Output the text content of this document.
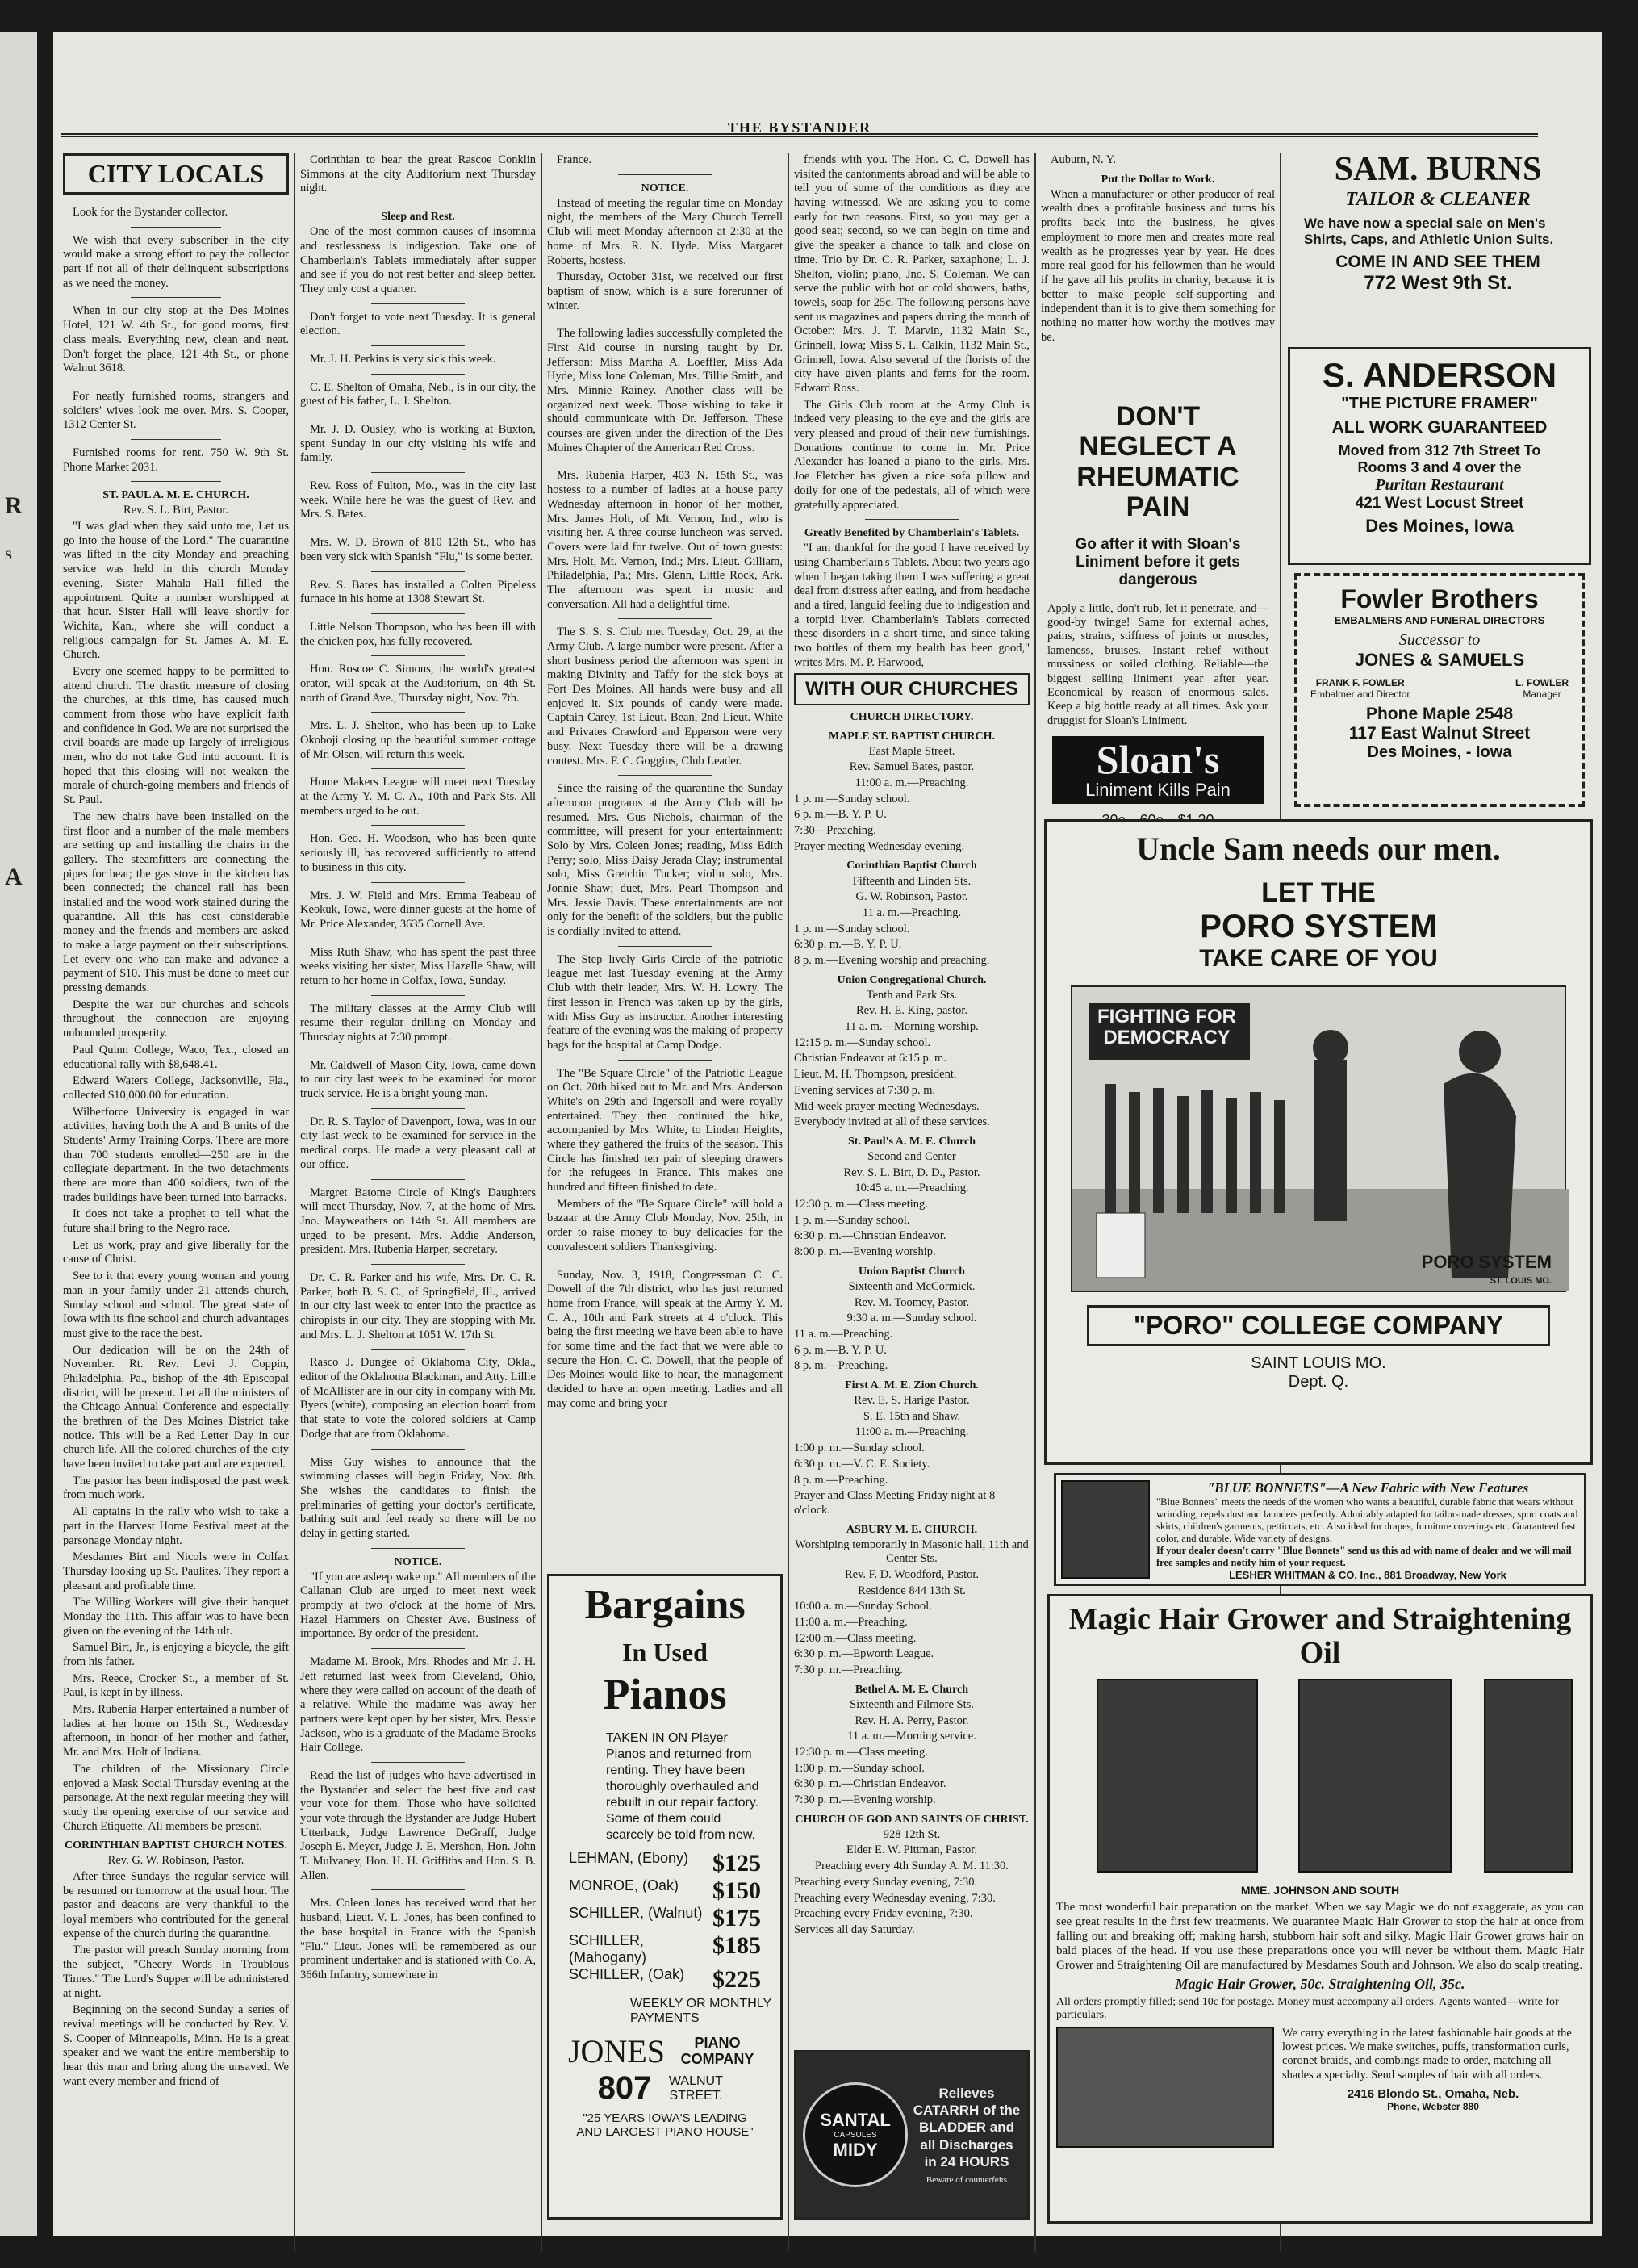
R
S
A
THE BYSTANDER
CITY LOCALS

Look for the Bystander collector.

We wish that every subscriber in the city would make a strong effort to pay the collector part if not all of their delinquent subscriptions as we need the money.

When in our city stop at the Des Moines Hotel, 121 W. 4th St., for good rooms, first class meals. Everything new, clean and neat. Don't forget the place, 121 4th St., or phone Walnut 3618.

For neatly furnished rooms, strangers and soldiers' wives look me over. Mrs. S. Cooper, 1312 Center St.

Furnished rooms for rent. 750 W. 9th St. Phone Market 2031.

ST. PAUL A. M. E. CHURCH.
Rev. S. L. Birt, Pastor.

"I was glad when they said unto me, Let us go into the house of the Lord." The quarantine was lifted in the city Monday and preaching service was held in this church Monday evening. Sister Mahala Hall filled the appointment. Quite a number worshipped at that hour. Sister Hall will leave shortly for Wichita, Kan., where she will conduct a religious campaign for St. James A. M. E. Church.

Every one seemed happy to be permitted to attend church. The drastic measure of closing the churches, at this time, has caused much comment from those who have explicit faith and confidence in God. We are not surprised the civil boards are made up largely of irreligious men, who do not take God into account. It is hoped that this closing will not weaken the morale of church-going members and friends of St. Paul.

The new chairs have been installed on the first floor and a number of the male members are setting up and installing the chairs in the gallery. The steamfitters are connecting the pipes for heat; the gas stove in the kitchen has been connected; the chancel rail has been installed and the wood work stained during the quarantine. All this has cost considerable money and the friends and members are asked to make a large payment on their subscriptions. Let every one who can make and advance a payment of $10. This must be done to meet our pressing demands.

Despite the war our churches and schools throughout the connection are enjoying unbounded prosperity.

Paul Quinn College, Waco, Tex., closed an educational rally with $8,648.41.

Edward Waters College, Jacksonville, Fla., collected $10,000.00 for education.

Wilberforce University is engaged in war activities, having both the A and B units of the Students' Army Training Corps. There are more than 700 students enrolled—250 are in the collegiate department. In the two detachments there are more than 400 soldiers, two of the trades buildings have been turned into barracks.

It does not take a prophet to tell what the future shall bring to the Negro race.

Let us work, pray and give liberally for the cause of Christ.

See to it that every young woman and young man in your family under 21 attends church, Sunday school and school. The great state of Iowa with its fine school and church advantages must give to the race the best.

Our dedication will be on the 24th of November. Rt. Rev. Levi J. Coppin, Philadelphia, Pa., bishop of the 4th Episcopal district, will be present. Let all the ministers of the Chicago Annual Conference and especially the brethren of the Des Moines District take notice. This will be a Red Letter Day in our church life. All the colored churches of the city have been invited to take part and are expected.

The pastor has been indisposed the past week from much work.

All captains in the rally who wish to take a part in the Harvest Home Festival meet at the parsonage Monday night.

Mesdames Birt and Nicols were in Colfax Thursday looking up St. Paulites. They report a pleasant and profitable time.

The Willing Workers will give their banquet Monday the 11th. This affair was to have been given on the evening of the 14th ult.

Samuel Birt, Jr., is enjoying a bicycle, the gift from his father.

Mrs. Reece, Crocker St., a member of St. Paul, is kept in by illness.

Mrs. Rubenia Harper entertained a number of ladies at her home on 15th St., Wednesday afternoon, in honor of her mother and father, Mr. and Mrs. Holt of Indiana.

The children of the Missionary Circle enjoyed a Mask Social Thursday evening at the parsonage. At the next regular meeting they will study the opening exercise of our service and Church Etiquette. All members be present.

CORINTHIAN BAPTIST CHURCH NOTES.
Rev. G. W. Robinson, Pastor.

After three Sundays the regular service will be resumed on tomorrow at the usual hour. The pastor and deacons are very thankful to the loyal members who contributed for the general expense of the church during the quarantine.

The pastor will preach Sunday morning from the subject, "Cheery Words in Troublous Times." The Lord's Supper will be administered at night.

Beginning on the second Sunday a series of revival meetings will be conducted by Rev. V. S. Cooper of Minneapolis, Minn. He is a great speaker and we want the entire membership to hear this man and bring along the unsaved. We want every member and friend of

Corinthian to hear the great Rascoe Conklin Simmons at the city Auditorium next Thursday night.

Sleep and Rest.

One of the most common causes of insomnia and restlessness is indigestion. Take one of Chamberlain's Tablets immediately after supper and see if you do not rest better and sleep better. They only cost a quarter.

Don't forget to vote next Tuesday. It is general election.

Mr. J. H. Perkins is very sick this week.

C. E. Shelton of Omaha, Neb., is in our city, the guest of his father, L. J. Shelton.

Mr. J. D. Ousley, who is working at Buxton, spent Sunday in our city visiting his wife and family.

Rev. Ross of Fulton, Mo., was in the city last week. While here he was the guest of Rev. and Mrs. S. Bates.

Mrs. W. D. Brown of 810 12th St., who has been very sick with Spanish "Flu," is some better.

Rev. S. Bates has installed a Colten Pipeless furnace in his home at 1308 Stewart St.

Little Nelson Thompson, who has been ill with the chicken pox, has fully recovered.

Hon. Roscoe C. Simons, the world's greatest orator, will speak at the Auditorium, on 4th St. north of Grand Ave., Thursday night, Nov. 7th.

Mrs. L. J. Shelton, who has been up to Lake Okoboji closing up the beautiful summer cottage of Mr. Olsen, will return this week.

Home Makers League will meet next Tuesday at the Army Y. M. C. A., 10th and Park Sts. All members urged to be out.

Hon. Geo. H. Woodson, who has been quite seriously ill, has recovered sufficiently to attend to business in this city.

Mrs. J. W. Field and Mrs. Emma Teabeau of Keokuk, Iowa, were dinner guests at the home of Mr. Price Alexander, 3635 Cornell Ave.

Miss Ruth Shaw, who has spent the past three weeks visiting her sister, Miss Hazelle Shaw, will return to her home in Colfax, Iowa, Sunday.

The military classes at the Army Club will resume their regular drilling on Monday and Thursday nights at 7:30 prompt.

Mr. Caldwell of Mason City, Iowa, came down to our city last week to be examined for motor truck service. He is a bright young man.

Dr. R. S. Taylor of Davenport, Iowa, was in our city last week to be examined for service in the medical corps. He made a very pleasant call at our office.

Margret Batome Circle of King's Daughters will meet Thursday, Nov. 7, at the home of Mrs. Jno. Mayweathers on 14th St. All members are urged to be present. Mrs. Addie Anderson, president. Mrs. Rubenia Harper, secretary.

Dr. C. R. Parker and his wife, Mrs. Dr. C. R. Parker, both B. S. C., of Springfield, Ill., arrived in our city last week to enter into the practice as chiropists in our city. They are stopping with Mr. and Mrs. L. J. Shelton at 1051 W. 17th St.

Rasco J. Dungee of Oklahoma City, Okla., editor of the Oklahoma Blackman, and Atty. Lillie of McAllister are in our city in company with Mr. Byers (white), composing an election board from that state to vote the colored soldiers at Camp Dodge that are from Oklahoma.

Miss Guy wishes to announce that the swimming classes will begin Friday, Nov. 8th. She wishes the candidates to finish the preliminaries of getting your doctor's certificate, bathing suit and feel ready so there will be no delay in getting started.

NOTICE.

"If you are asleep wake up." All members of the Callanan Club are urged to meet next week promptly at two o'clock at the home of Mrs. Hazel Hammers on Chester Ave. Business of importance. By order of the president.

Madame M. Brook, Mrs. Rhodes and Mr. J. H. Jett returned last week from Cleveland, Ohio, where they were called on account of the death of a relative. While the madame was away her partners were kept open by her sister, Mrs. Bessie Jackson, who is a graduate of the Madame Brooks Hair College.

Read the list of judges who have advertised in the Bystander and select the best five and cast your vote for them. Those who have solicited your vote through the Bystander are Judge Hubert Utterback, Judge Lawrence DeGraff, Judge Joseph E. Meyer, Judge J. E. Mershon, Hon. John T. Mulvaney, Hon. H. H. Griffiths and Hon. S. B. Allen.

Mrs. Coleen Jones has received word that her husband, Lieut. V. L. Jones, has been confined to the base hospital in France with the Spanish "Flu." Lieut. Jones will be remembered as our prominent undertaker and is stationed with Co. A, 366th Infantry, somewhere in

France.

NOTICE.

Instead of meeting the regular time on Monday night, the members of the Mary Church Terrell Club will meet Monday afternoon at 2:30 at the home of Mrs. R. N. Hyde. Miss Margaret Roberts, hostess.

Thursday, October 31st, we received our first baptism of snow, which is a sure forerunner of winter.

The following ladies successfully completed the First Aid course in nursing taught by Dr. Jefferson: Miss Martha A. Loeffler, Miss Ada Hyde, Miss Ione Coleman, Mrs. Tillie Smith, and Mrs. Minnie Rainey. Another class will be organized next week. Those wishing to take it should communicate with Dr. Jefferson. These courses are given under the direction of the Des Moines Chapter of the American Red Cross.

Mrs. Rubenia Harper, 403 N. 15th St., was hostess to a number of ladies at a house party Wednesday afternoon in honor of her mother, Mrs. James Holt, of Mt. Vernon, Ind., who is visiting her. A three course luncheon was served. Covers were laid for twelve. Out of town guests: Mrs. Holt, Mt. Vernon, Ind.; Mrs. Lieut. Gilliam, Philadelphia, Pa.; Mrs. Glenn, Little Rock, Ark. The afternoon was spent in music and conversation. All had a delightful time.

The S. S. S. Club met Tuesday, Oct. 29, at the Army Club. A large number were present. After a short business period the afternoon was spent in making Divinity and Taffy for the sick boys at Fort Des Moines. All hands were busy and all enjoyed it. Six pounds of candy were made. Captain Carey, 1st Lieut. Bean, 2nd Lieut. White and Privates Crawford and Epperson were very busy. Next Tuesday there will be a drawing contest. Mrs. F. C. Goggins, Club Leader.

Since the raising of the quarantine the Sunday afternoon programs at the Army Club will be resumed. Mrs. Gus Nichols, chairman of the committee, will present for your entertainment: Solo by Mrs. Coleen Jones; reading, Miss Edith Perry; solo, Miss Daisy Jerada Clay; instrumental solo, Miss Gretchin Tucker; violin solo, Mrs. Jonnie Shaw; duet, Mrs. Pearl Thompson and Mrs. Jessie Davis. These entertainments are not only for the benefit of the soldiers, but the public is cordially invited to attend.

The Step lively Girls Circle of the patriotic league met last Tuesday evening at the Army Club with their leader, Mrs. W. H. Lowry. The first lesson in French was taken up by the girls, with Miss Guy as instructor. Another interesting feature of the evening was the making of property bags for the hospital at Camp Dodge.

The "Be Square Circle" of the Patriotic League on Oct. 20th hiked out to Mr. and Mrs. Anderson White's on 29th and Ingersoll and were royally entertained. They then continued the hike, accompanied by Mrs. White, to Linden Heights, where they gathered the fruits of the season. This Circle has finished ten pair of sleeping drawers for the refugees in France. This makes one hundred and fifteen finished to date.

Members of the "Be Square Circle" will hold a bazaar at the Army Club Monday, Nov. 25th, in order to raise money to buy delicacies for the convalescent soldiers Thanksgiving.

Sunday, Nov. 3, 1918, Congressman C. C. Dowell of the 7th district, who has just returned home from France, will speak at the Army Y. M. C. A., 10th and Park streets at 4 o'clock. This being the first meeting we have been able to have for some time and the fact that we were able to secure the Hon. C. C. Dowell, that the people of Des Moines would like to hear, the management decided to have an open meeting. Ladies and all may come and bring your

Bargains
In Used
Pianos
TAKEN IN ON Player Pianos and returned from renting. They have been thoroughly overhauled and rebuilt in our repair factory. Some of them could scarcely be told from new.
LEHMAN, (Ebony) $125
MONROE, (Oak) $150
SCHILLER, (Walnut) $175
SCHILLER, (Mahogany)	$185
SCHILLER, (Oak) $225
WEEKLY OR MONTHLY PAYMENTS
JONES	PIANO COMPANY
807	WALNUT STREET.
"25 YEARS IOWA'S LEADING AND LARGEST PIANO HOUSE"

friends with you. The Hon. C. C. Dowell has visited the cantonments abroad and will be able to tell you of some of the conditions as they are having witnessed. We are asking you to come early for two reasons. First, so you may get a good seat; second, so we can begin on time and give the speaker a chance to talk and close on time. Trio by Dr. C. R. Parker, saxaphone; L. J. Shelton, violin; piano, Jno. S. Coleman. We can serve the public with hot or cold showers, baths, towels, soap for 25c. The following persons have sent us magazines and papers during the month of October: Mrs. J. T. Marvin, 1132 Main St., Grinnell, Iowa; Miss S. L. Calkin, 1132 Main St., Grinnell, Iowa. Also several of the florists of the city have given plants and ferns for the room. Edward Ross.

The Girls Club room at the Army Club is indeed very pleasing to the eye and the girls are very pleased and proud of their new furnishings. Donations continue to come in. Mr. Price Alexander has loaned a piano to the girls. Mrs. Joe Fletcher has given a nice sofa pillow and doily for one of the pedestals, all of which were gratefully appreciated.

Greatly Benefited by Chamberlain's Tablets.

"I am thankful for the good I have received by using Chamberlain's Tablets. About two years ago when I began taking them I was suffering a great deal from distress after eating, and from headache and a tired, languid feeling due to indigestion and a torpid liver. Chamberlain's Tablets corrected these disorders in a short time, and since taking two bottles of them my health has been good," writes Mrs. M. P. Harwood,

WITH OUR CHURCHES
CHURCH DIRECTORY.
MAPLE ST. BAPTIST CHURCH.
East Maple Street.
Rev. Samuel Bates, pastor.
11:00 a. m.—Preaching.
1 p. m.—Sunday school.
6 p. m.—B. Y. P. U.
7:30—Preaching.
Prayer meeting Wednesday evening.
Corinthian Baptist Church
Fifteenth and Linden Sts.
G. W. Robinson, Pastor.
11 a. m.—Preaching.
1 p. m.—Sunday school.
6:30 p. m.—B. Y. P. U.
8 p. m.—Evening worship and preaching.
Union Congregational Church.
Tenth and Park Sts.
Rev. H. E. King, pastor.
11 a. m.—Morning worship.
12:15 p. m.—Sunday school.
Christian Endeavor at 6:15 p. m.
Lieut. M. H. Thompson, president.
Evening services at 7:30 p. m.
Mid-week prayer meeting Wednesdays.
Everybody invited at all of these services.
St. Paul's A. M. E. Church
Second and Center
Rev. S. L. Birt, D. D., Pastor.
10:45 a. m.—Preaching.
12:30 p. m.—Class meeting.
1 p. m.—Sunday school.
6:30 p. m.—Christian Endeavor.
8:00 p. m.—Evening worship.
Union Baptist Church
Sixteenth and McCormick.
Rev. M. Toomey, Pastor.
9:30 a. m.—Sunday school.
11 a. m.—Preaching.
6 p. m.—B. Y. P. U.
8 p. m.—Preaching.
First A. M. E. Zion Church.
Rev. E. S. Harige Pastor.
S. E. 15th and Shaw.
11:00 a. m.—Preaching.
1:00 p. m.—Sunday school.
6:30 p. m.—V. C. E. Society.
8 p. m.—Preaching.
Prayer and Class Meeting Friday night at 8 o'clock.
ASBURY M. E. CHURCH.
Worshiping temporarily in Masonic hall, 11th and Center Sts.
Rev. F. D. Woodford, Pastor.
Residence 844 13th St.
10:00 a. m.—Sunday School.
11:00 a. m.—Preaching.
12:00 m.—Class meeting.
6:30 p. m.—Epworth League.
7:30 p. m.—Preaching.
Bethel A. M. E. Church
Sixteenth and Filmore Sts.
Rev. H. A. Perry, Pastor.
11 a. m.—Morning service.
12:30 p. m.—Class meeting.
1:00 p. m.—Sunday school.
6:30 p. m.—Christian Endeavor.
7:30 p. m.—Evening worship.
CHURCH OF GOD AND SAINTS OF CHRIST.
928 12th St.
Elder E. W. Pittman, Pastor.
Preaching every 4th Sunday A. M. 11:30.
Preaching every Sunday evening, 7:30.
Preaching every Wednesday evening, 7:30.
Preaching every Friday evening, 7:30.
Services all day Saturday.
SANTAL
CAPSULES
MIDY
Relieves CATARRH of the BLADDER and all Discharges in 24 HOURS
Beware of counterfeits

Auburn, N. Y.

Put the Dollar to Work.

When a manufacturer or other producer of real wealth does a profitable business and turns his profits back into the business, he gives employment to more men and creates more real wealth as he progresses year by year. He does more real good for his fellowmen than he would if he gave all his profits in charity, because it is better to make people self-supporting and independent than it is to give them something for nothing no matter how worthy the motives may be.

DON'T NEGLECT A
RHEUMATIC PAIN
Go after it with Sloan's Liniment before it gets dangerous
Apply a little, don't rub, let it penetrate, and—good-by twinge! Same for external aches, pains, strains, stiffness of joints or muscles, lameness, bruises. Instant relief without mussiness or soiled clothing. Reliable—the biggest selling liniment year after year. Economical by reason of enormous sales. Keep a big bottle ready at all times. Ask your druggist for Sloan's Liniment.
Sloan's
Liniment Kills Pain
SAM. BURNS
TAILOR & CLEANER
We have now a special sale on Men's Shirts, Caps, and Athletic Union Suits.
COME IN AND SEE THEM
772 West 9th St.
S. ANDERSON
"THE PICTURE FRAMER"
ALL WORK GUARANTEED
Moved from 312 7th Street To Rooms 3 and 4 over the
Puritan Restaurant
421 West Locust Street
Des Moines, Iowa
Fowler Brothers
EMBALMERS AND FUNERAL DIRECTORS
Successor to
JONES & SAMUELS
FRANK F. FOWLER
Embalmer and Director
L. FOWLER
Manager
Phone Maple 2548
117 East Walnut Street
Des Moines, - Iowa
Uncle Sam needs our men.
LET THE
PORO SYSTEM
TAKE CARE OF YOU
FIGHTING FOR DEMOCRACY
PORO SYSTEM
ST. LOUIS MO.
"PORO" COLLEGE COMPANY
SAINT LOUIS MO.
Dept. Q.
"BLUE BONNETS"—A New Fabric with New Features
"Blue Bonnets" meets the needs of the women who wants a beautiful, durable fabric that wears without wrinkling, repels dust and launders perfectly. Admirably adapted for tailor-made dresses, sport coats and skirts, children's garments, petticoats, etc. Also ideal for drapes, furniture coverings etc. Guaranteed fast color, and durable. Wide variety of designs.
If your dealer doesn't carry "Blue Bonnets" send us this ad with name of dealer and we will mail free samples and notify him of your request.
LESHER WHITMAN & CO. Inc., 881 Broadway, New York
Magic Hair Grower and Straightening Oil
MME. JOHNSON AND SOUTH
The most wonderful hair preparation on the market. When we say Magic we do not exaggerate, as you can see great results in the first few treatments. We guarantee Magic Hair Grower to stop the hair at once from falling out and breaking off; making harsh, stubborn hair soft and silky. Magic Hair Grower grows hair on bald places of the head. If you use these preparations once you will never be without them. Magic Hair Grower and Straightening Oil are manufactured by Mesdames South and Johnson. We also do scalp treating.
Magic Hair Grower, 50c. Straightening Oil, 35c.
All orders promptly filled; send 10c for postage. Money must accompany all orders. Agents wanted—Write for particulars.
We carry everything in the latest fashionable hair goods at the lowest prices. We make switches, puffs, transformation curls, coronet braids, and combings made to order, matching all shades a specialty. Send samples of hair with all orders.
2416 Blondo St., Omaha, Neb.
Phone, Webster 880
